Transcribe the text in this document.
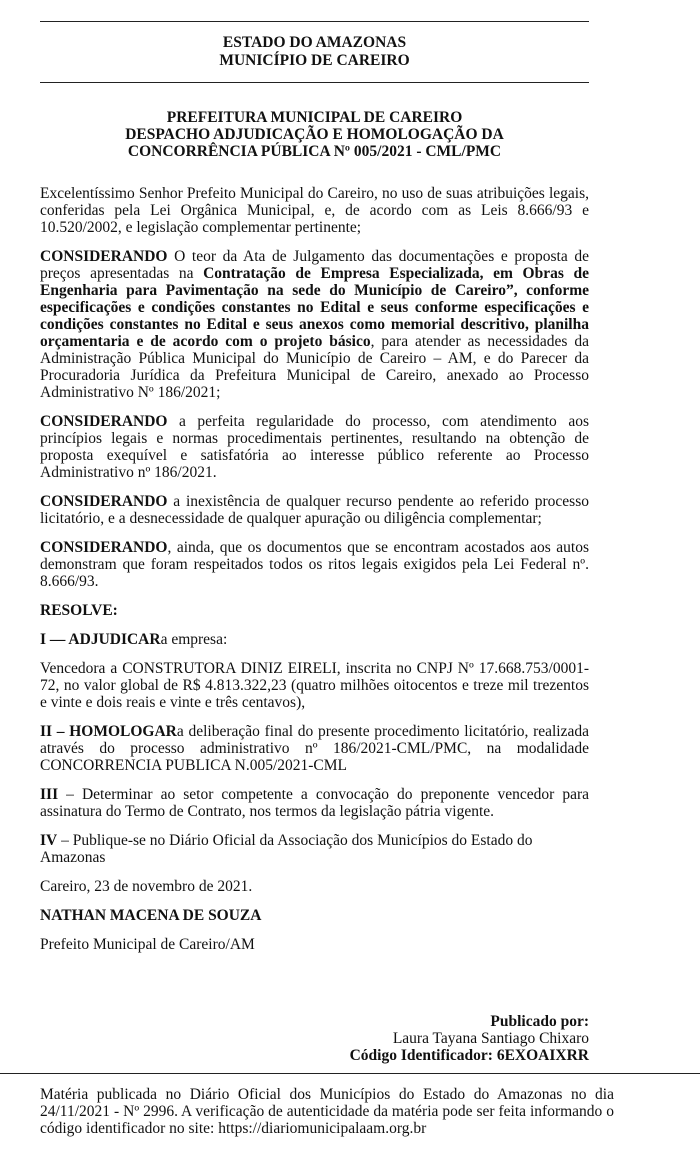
ESTADO DO AMAZONAS
MUNICÍPIO DE CAREIRO
PREFEITURA MUNICIPAL DE CAREIRO
DESPACHO ADJUDICAÇÃO E HOMOLOGAÇÃO DA
CONCORRÊNCIA PÚBLICA Nº 005/2021 - CML/PMC

Excelentíssimo Senhor Prefeito Municipal do Careiro, no uso de suas atribuições legais, conferidas pela Lei Orgânica Municipal, e, de acordo com as Leis 8.666/93 e 10.520/2002, e legislação complementar pertinente;

CONSIDERANDO O teor da Ata de Julgamento das documentações e proposta de preços apresentadas na Contratação de Empresa Especializada, em Obras de Engenharia para Pavimentação na sede do Município de Careiro”, conforme especificações e condições constantes no Edital e seus conforme especificações e condições constantes no Edital e seus anexos como memorial descritivo, planilha orçamentaria e de acordo com o projeto básico, para atender as necessidades da Administração Pública Municipal do Município de Careiro – AM, e do Parecer da Procuradoria Jurídica da Prefeitura Municipal de Careiro, anexado ao Processo Administrativo Nº 186/2021;

CONSIDERANDO a perfeita regularidade do processo, com atendimento aos princípios legais e normas procedimentais pertinentes, resultando na obtenção de proposta exequível e satisfatória ao interesse público referente ao Processo Administrativo nº 186/2021.

CONSIDERANDO a inexistência de qualquer recurso pendente ao referido processo licitatório, e a desnecessidade de qualquer apuração ou diligência complementar;

CONSIDERANDO, ainda, que os documentos que se encontram acostados aos autos demonstram que foram respeitados todos os ritos legais exigidos pela Lei Federal nº. 8.666/93.

RESOLVE:

I — ADJUDICARa empresa:

Vencedora a CONSTRUTORA DINIZ EIRELI, inscrita no CNPJ Nº 17.668.753/0001-72, no valor global de R$ 4.813.322,23 (quatro milhões oitocentos e treze mil trezentos e vinte e dois reais e vinte e três centavos),

II – HOMOLOGARa deliberação final do presente procedimento licitatório, realizada através do processo administrativo nº 186/2021-CML/PMC, na modalidade CONCORRENCIA PUBLICA N.005/2021-CML

III – Determinar ao setor competente a convocação do preponente vencedor para assinatura do Termo de Contrato, nos termos da legislação pátria vigente.

IV – Publique-se no Diário Oficial da Associação dos Municípios do Estado do Amazonas

Careiro, 23 de novembro de 2021.

NATHAN MACENA DE SOUZA

Prefeito Municipal de Careiro/AM

Publicado por:
Laura Tayana Santiago Chixaro
Código Identificador: 6EXOAIXRR
Matéria publicada no Diário Oficial dos Municípios do Estado do Amazonas no dia 24/11/2021 - Nº 2996. A verificação de autenticidade da matéria pode ser feita informando o código identificador no site: https://diariomunicipalaam.org.br
